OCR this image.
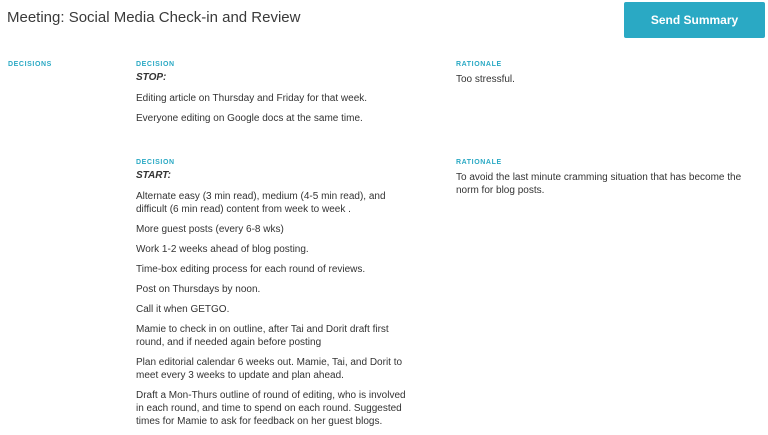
Meeting: Social Media Check-in and Review	Send Summary
DECISIONS	DECISION
STOP:
Editing article on Thursday and Friday for that week.
Everyone editing on Google docs at the same time.
RATIONALE
Too stressful.
DECISION
START:
Alternate easy (3 min read), medium (4-5 min read), and difficult (6 min read) content from week to week .
More guest posts (every 6-8 wks)
Work 1-2 weeks ahead of blog posting.
Time-box editing process for each round of reviews.
Post on Thursdays by noon.
Call it when GETGO.
Mamie to check in on outline, after Tai and Dorit draft first round, and if needed again before posting
Plan editorial calendar 6 weeks out. Mamie, Tai, and Dorit to meet every 3 weeks to update and plan ahead.
Draft a Mon-Thurs outline of round of editing, who is involved in each round, and time to spend on each round. Suggested times for Mamie to ask for feedback on her guest blogs.
RATIONALE
To avoid the last minute cramming situation that has become the norm for blog posts.
